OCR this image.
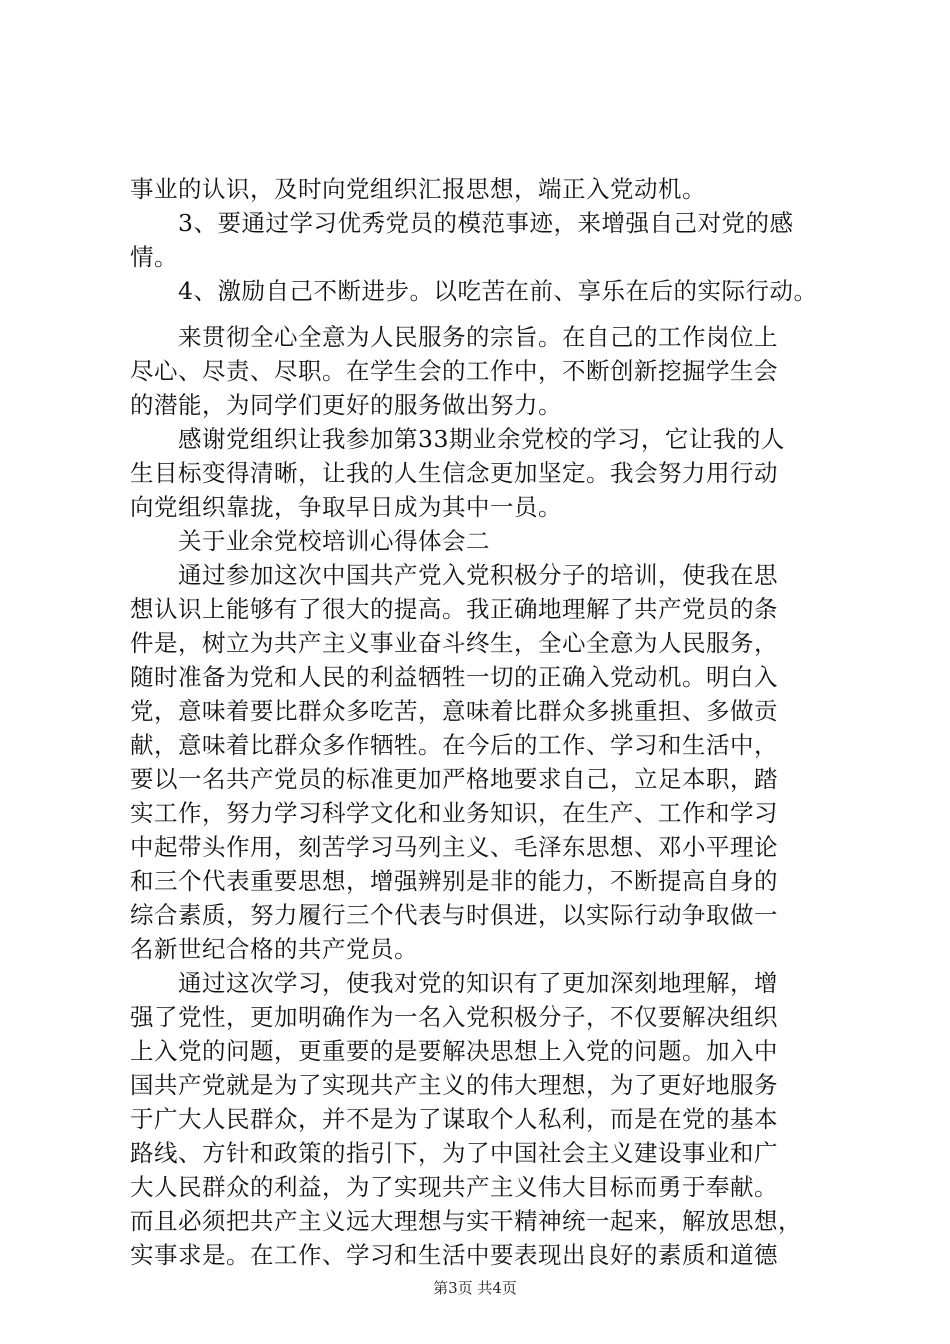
事业的认识，及时向党组织汇报思想，端正入党动机。
3、要通过学习优秀党员的模范事迹，来增强自己对党的感
情。
4、激励自己不断进步。以吃苦在前、享乐在后的实际行动。
来贯彻全心全意为人民服务的宗旨。在自己的工作岗位上
尽心、尽责、尽职。在学生会的工作中，不断创新挖掘学生会
的潜能，为同学们更好的服务做出努力。
感谢党组织让我参加第33期业余党校的学习，它让我的人
生目标变得清晰，让我的人生信念更加坚定。我会努力用行动
向党组织靠拢，争取早日成为其中一员。
关于业余党校培训心得体会二
通过参加这次中国共产党入党积极分子的培训，使我在思
想认识上能够有了很大的提高。我正确地理解了共产党员的条
件是，树立为共产主义事业奋斗终生，全心全意为人民服务，
随时准备为党和人民的利益牺牲一切的正确入党动机。明白入
党，意味着要比群众多吃苦，意味着比群众多挑重担、多做贡
献，意味着比群众多作牺牲。在今后的工作、学习和生活中，
要以一名共产党员的标准更加严格地要求自己，立足本职，踏
实工作，努力学习科学文化和业务知识，在生产、工作和学习
中起带头作用，刻苦学习马列主义、毛泽东思想、邓小平理论
和三个代表重要思想，增强辨别是非的能力，不断提高自身的
综合素质，努力履行三个代表与时俱进，以实际行动争取做一
名新世纪合格的共产党员。
通过这次学习，使我对党的知识有了更加深刻地理解，增
强了党性，更加明确作为一名入党积极分子，不仅要解决组织
上入党的问题，更重要的是要解决思想上入党的问题。加入中
国共产党就是为了实现共产主义的伟大理想，为了更好地服务
于广大人民群众，并不是为了谋取个人私利，而是在党的基本
路线、方针和政策的指引下，为了中国社会主义建设事业和广
大人民群众的利益，为了实现共产主义伟大目标而勇于奉献。
而且必须把共产主义远大理想与实干精神统一起来，解放思想，
实事求是。在工作、学习和生活中要表现出良好的素质和道德
第3页 共4页
